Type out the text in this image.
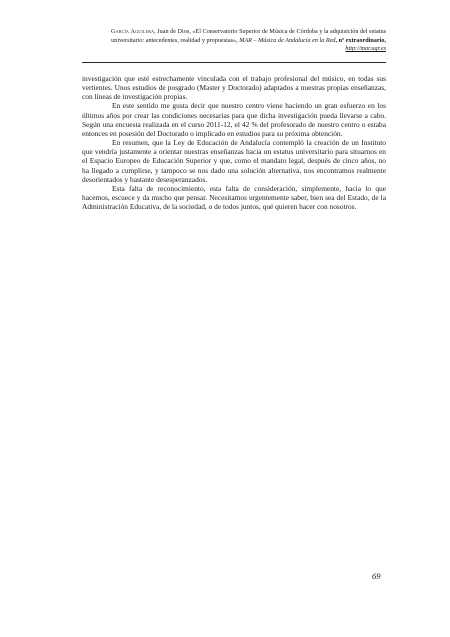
García Aguilera, Juan de Dios, «El Conservatorio Superior de Música de Córdoba y la adquisición del estatus universitario: antecedentes, realidad y propuestas», MAR – Música de Andalucía en la Red, nº extraordinario, http://mar.ugr.es

investigación que esté estrechamente vinculada con el trabajo profesional del músico, en todas sus vertientes. Unos estudios de posgrado (Master y Doctorado) adaptados a nuestras propias enseñanzas, con líneas de investigación propias.

En este sentido me gusta decir que nuestro centro viene haciendo un gran esfuerzo en los últimos años por crear las condiciones necesarias para que dicha investigación pueda llevarse a cabo. Según una encuesta realizada en el curso 2011-12, el 42 % del profesorado de nuestro centro o estaba entonces en posesión del Doctorado o implicado en estudios para su próxima obtención.

En resumen, que la Ley de Educación de Andalucía contempló la creación de un Instituto que vendría justamente a orientar nuestras enseñanzas hacia un estatus universitario para situarnos en el Espacio Europeo de Educación Superior y que, como el mandato legal, después de cinco años, no ha llegado a cumplirse, y tampoco se nos dado una solución alternativa, nos encontramos realmente desorientados y bastante desesperanzados.

Esta falta de reconocimiento, esta falta de consideración, simplemente, hacia lo que hacemos, escuece y da mucho que pensar. Necesitamos urgentemente saber, bien sea del Estado, de la Administración Educativa, de la sociedad, o de todos juntos, qué quieren hacer con nosotros.

69
